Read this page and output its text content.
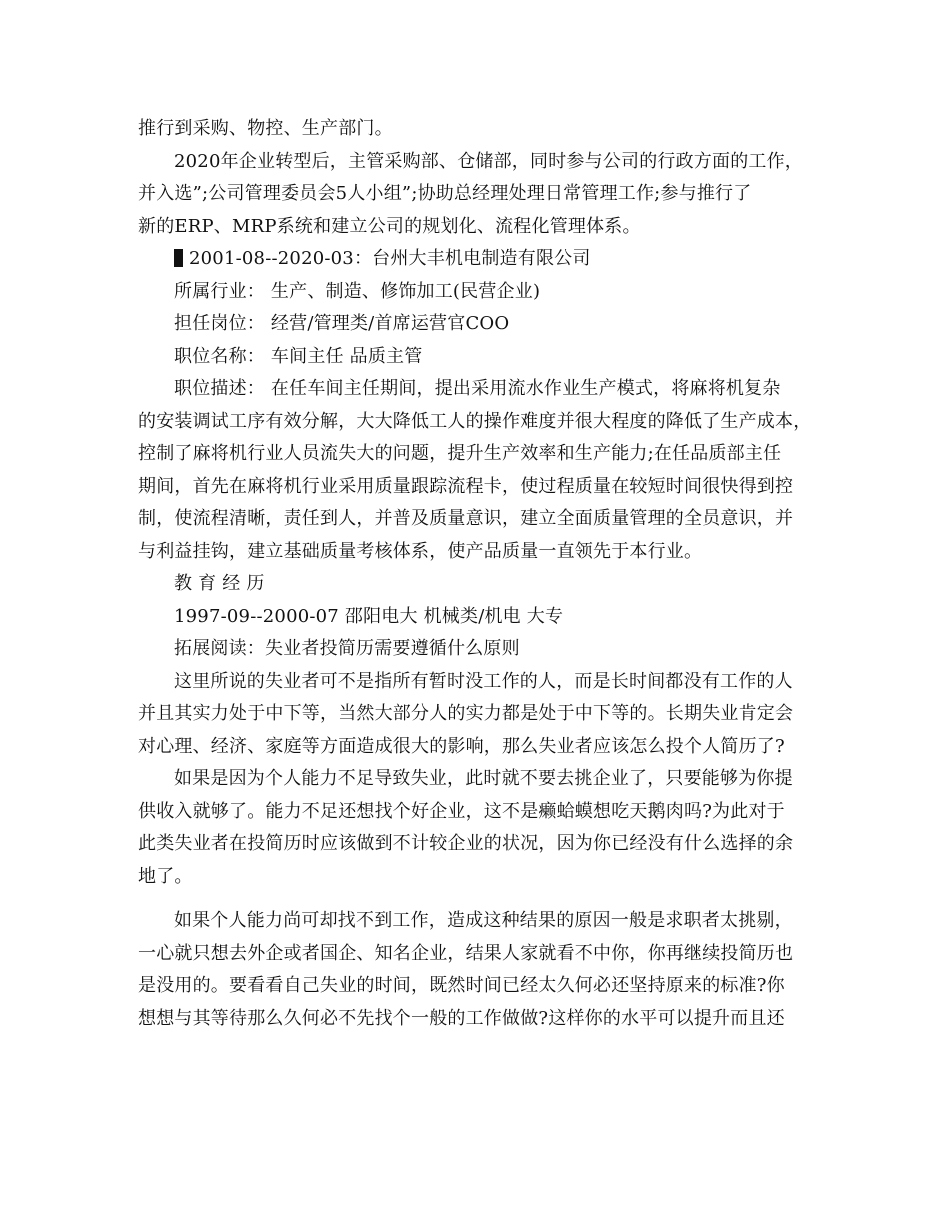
推行到采购、物控、生产部门。
2020年企业转型后，主管采购部、仓储部，同时参与公司的行政方面的工作，
并入选”;公司管理委员会5人小组”;协助总经理处理日常管理工作;参与推行了
新的ERP、MRP系统和建立公司的规划化、流程化管理体系。
2001-08--2020-03：台州大丰机电制造有限公司
所属行业： 生产、制造、修饰加工(民营企业)
担任岗位： 经营/管理类/首席运营官COO
职位名称： 车间主任 品质主管
职位描述： 在任车间主任期间，提出采用流水作业生产模式，将麻将机复杂
的安装调试工序有效分解，大大降低工人的操作难度并很大程度的降低了生产成本，
控制了麻将机行业人员流失大的问题，提升生产效率和生产能力;在任品质部主任
期间，首先在麻将机行业采用质量跟踪流程卡，使过程质量在较短时间很快得到控
制，使流程清晰，责任到人，并普及质量意识，建立全面质量管理的全员意识，并
与利益挂钩，建立基础质量考核体系，使产品质量一直领先于本行业。
教 育 经 历
1997-09--2000-07 邵阳电大 机械类/机电 大专
拓展阅读：失业者投简历需要遵循什么原则
这里所说的失业者可不是指所有暂时没工作的人，而是长时间都没有工作的人
并且其实力处于中下等，当然大部分人的实力都是处于中下等的。长期失业肯定会
对心理、经济、家庭等方面造成很大的影响，那么失业者应该怎么投个人简历了?
如果是因为个人能力不足导致失业，此时就不要去挑企业了，只要能够为你提
供收入就够了。能力不足还想找个好企业，这不是癞蛤蟆想吃天鹅肉吗?为此对于
此类失业者在投简历时应该做到不计较企业的状况，因为你已经没有什么选择的余
地了。
如果个人能力尚可却找不到工作，造成这种结果的原因一般是求职者太挑剔，
一心就只想去外企或者国企、知名企业，结果人家就看不中你，你再继续投简历也
是没用的。要看看自己失业的时间，既然时间已经太久何必还坚持原来的标准?你
想想与其等待那么久何必不先找个一般的工作做做?这样你的水平可以提升而且还
